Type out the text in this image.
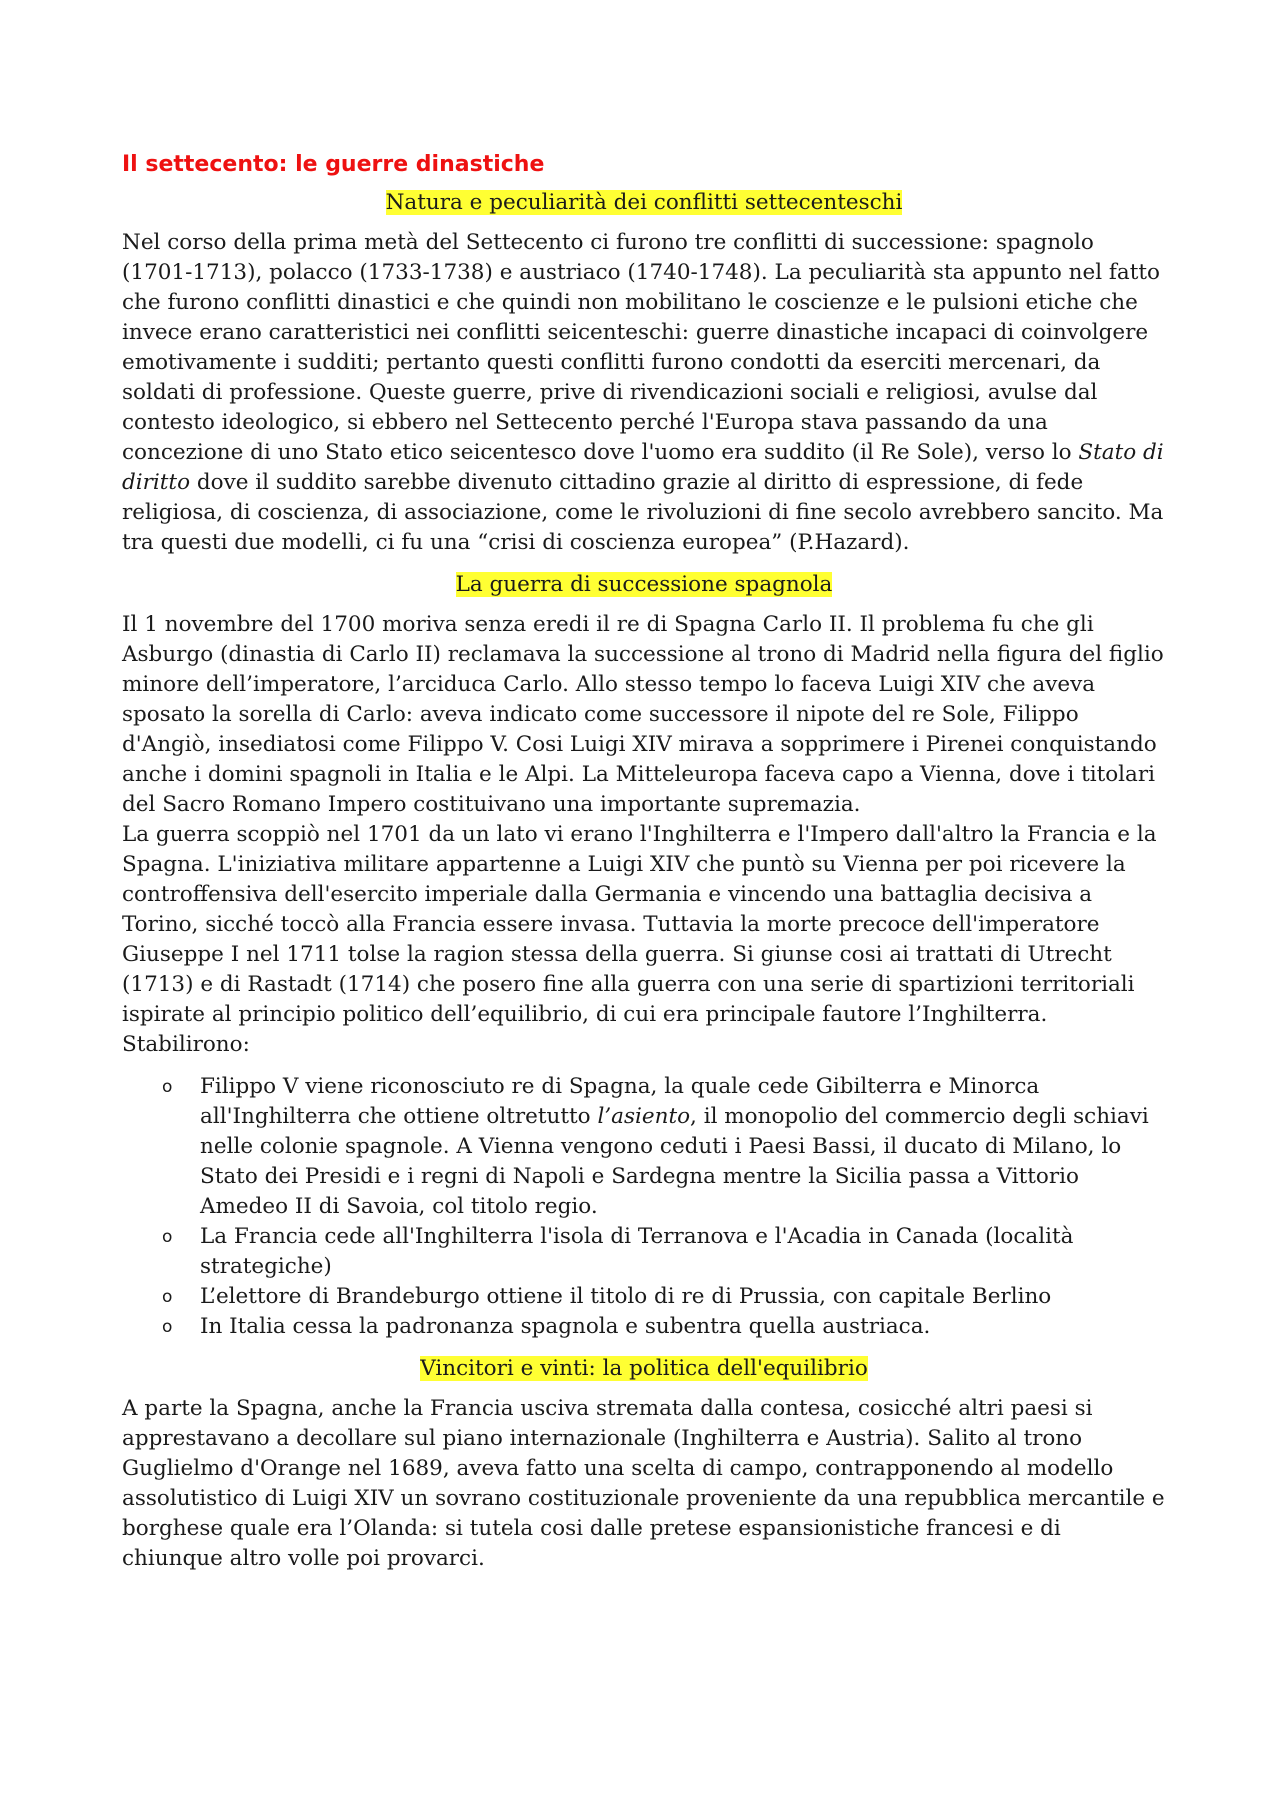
Il settecento: le guerre dinastiche
Natura e peculiarità dei conflitti settecenteschi

Nel corso della prima metà del Settecento ci furono tre conflitti di successione: spagnolo (1701-1713), polacco (1733-1738) e austriaco (1740-1748). La peculiarità sta appunto nel fatto che furono conflitti dinastici e che quindi non mobilitano le coscienze e le pulsioni etiche che invece erano caratteristici nei conflitti seicenteschi: guerre dinastiche incapaci di coinvolgere emotivamente i sudditi; pertanto questi conflitti furono condotti da eserciti mercenari, da soldati di professione. Queste guerre, prive di rivendicazioni sociali e religiosi, avulse dal contesto ideologico, si ebbero nel Settecento perché l'Europa stava passando da una concezione di uno Stato etico seicentesco dove l'uomo era suddito (il Re Sole), verso lo Stato di diritto dove il suddito sarebbe divenuto cittadino grazie al diritto di espressione, di fede religiosa, di coscienza, di associazione, come le rivoluzioni di fine secolo avrebbero sancito. Ma tra questi due modelli, ci fu una “crisi di coscienza europea” (P.Hazard).

La guerra di successione spagnola

Il 1 novembre del 1700 moriva senza eredi il re di Spagna Carlo II. Il problema fu che gli Asburgo (dinastia di Carlo II) reclamava la successione al trono di Madrid nella figura del figlio minore dell’imperatore, l’arciduca Carlo. Allo stesso tempo lo faceva Luigi XIV che aveva sposato la sorella di Carlo: aveva indicato come successore il nipote del re Sole, Filippo d'Angiò, insediatosi come Filippo V. Cosi Luigi XIV mirava a sopprimere i Pirenei conquistando anche i domini spagnoli in Italia e le Alpi. La Mitteleuropa faceva capo a Vienna, dove i titolari del Sacro Romano Impero costituivano una importante supremazia.

La guerra scoppiò nel 1701 da un lato vi erano l'Inghilterra e l'Impero dall'altro la Francia e la Spagna. L'iniziativa militare appartenne a Luigi XIV che puntò su Vienna per poi ricevere la controffensiva dell'esercito imperiale dalla Germania e vincendo una battaglia decisiva a Torino, sicché toccò alla Francia essere invasa. Tuttavia la morte precoce dell'imperatore Giuseppe I nel 1711 tolse la ragion stessa della guerra. Si giunse cosi ai trattati di Utrecht (1713) e di Rastadt (1714) che posero fine alla guerra con una serie di spartizioni territoriali ispirate al principio politico dell’equilibrio, di cui era principale fautore l’Inghilterra. Stabilirono:

o Filippo V viene riconosciuto re di Spagna, la quale cede Gibilterra e Minorca all'Inghilterra che ottiene oltretutto l’asiento, il monopolio del commercio degli schiavi nelle colonie spagnole. A Vienna vengono ceduti i Paesi Bassi, il ducato di Milano, lo Stato dei Presidi e i regni di Napoli e Sardegna mentre la Sicilia passa a Vittorio Amedeo II di Savoia, col titolo regio.
o La Francia cede all'Inghilterra l'isola di Terranova e l'Acadia in Canada (località strategiche)
o L’elettore di Brandeburgo ottiene il titolo di re di Prussia, con capitale Berlino
o In Italia cessa la padronanza spagnola e subentra quella austriaca.
Vincitori e vinti: la politica dell'equilibrio

A parte la Spagna, anche la Francia usciva stremata dalla contesa, cosicché altri paesi si apprestavano a decollare sul piano internazionale (Inghilterra e Austria). Salito al trono Guglielmo d'Orange nel 1689, aveva fatto una scelta di campo, contrapponendo al modello assolutistico di Luigi XIV un sovrano costituzionale proveniente da una repubblica mercantile e borghese quale era l’Olanda: si tutela cosi dalle pretese espansionistiche francesi e di chiunque altro volle poi provarci.
